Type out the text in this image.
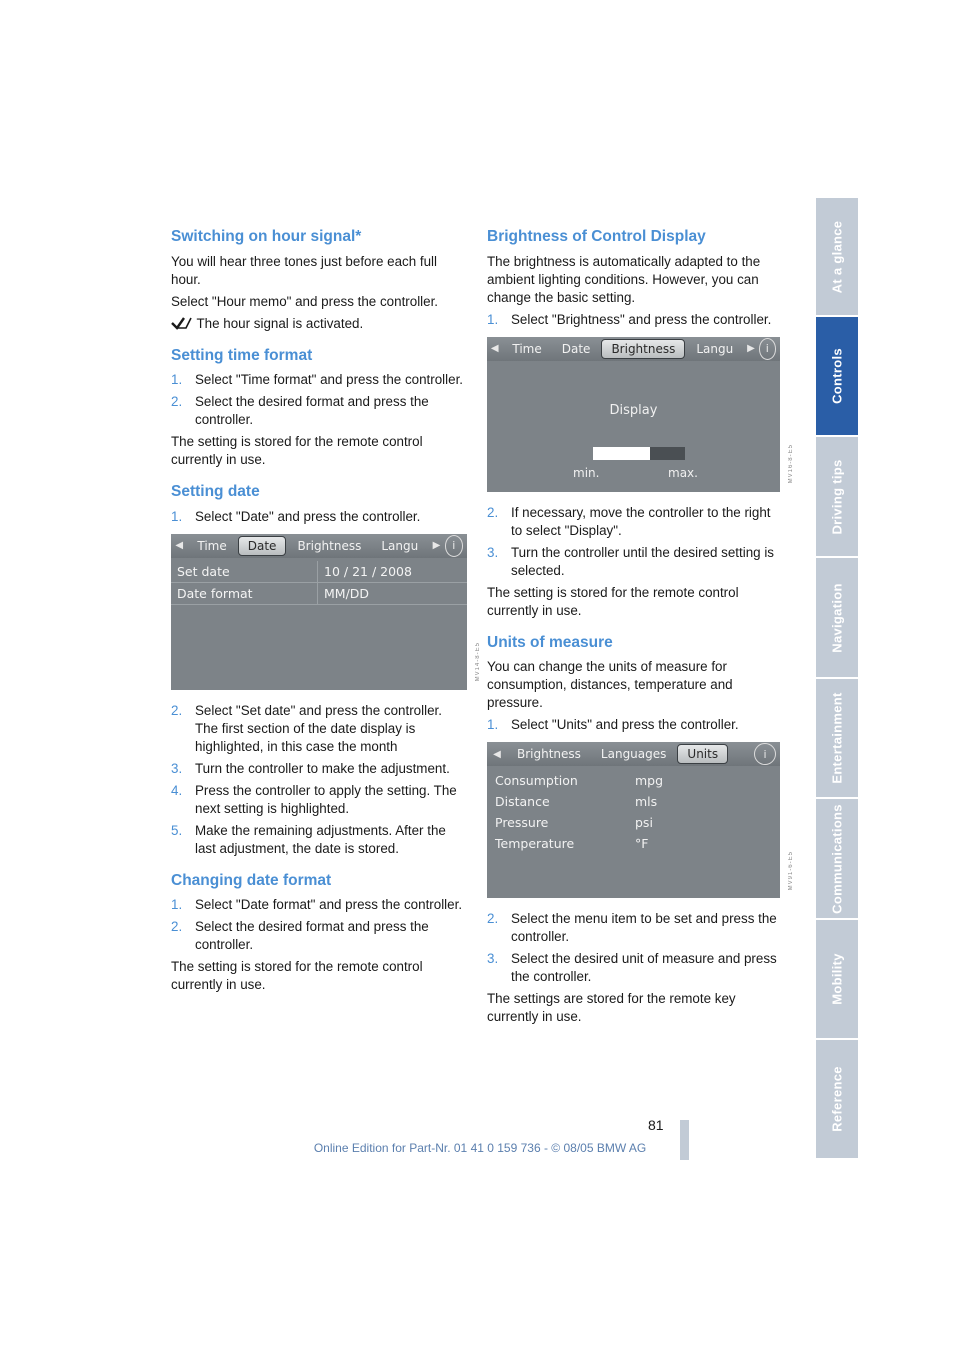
Switching on hour signal*

You will hear three tones just before each full hour.

Select "Hour memo" and press the controller.

The hour signal is activated.

Setting time format
1. Select "Time format" and press the controller.
2. Select the desired format and press the controller.

The setting is stored for the remote control currently in use.

Setting date
1. Select "Date" and press the controller.
◀	Time	Date	Brightness	Langu	▶	i
Set date	10 / 21 / 2008
Date format	MM/DD
MV14-8-E5
2. Select "Set date" and press the controller. The first section of the date display is highlighted, in this case the month
3. Turn the controller to make the adjustment.
4. Press the controller to apply the setting. The next setting is highlighted.
5. Make the remaining adjustments. After the last adjustment, the date is stored.
Changing date format
1. Select "Date format" and press the controller.
2. Select the desired format and press the controller.

The setting is stored for the remote control currently in use.

Brightness of Control Display

The brightness is automatically adapted to the ambient lighting conditions. However, you can change the basic setting.

1. Select "Brightness" and press the controller.
◀	Time	Date	Brightness	Langu	▶	i
Display
min.	max.	MV16-8-E5
2. If necessary, move the controller to the right to select "Display".
3. Turn the controller until the desired setting is selected.

The setting is stored for the remote control currently in use.

Units of measure

You can change the units of measure for consumption, distances, temperature and pressure.

1. Select "Units" and press the controller.
◀	Brightness	Languages	Units	i
Consumption	mpg
Distance	mls
Pressure	psi
Temperature	°F
MV91-6-E5
2. Select the menu item to be set and press the controller.
3. Select the desired unit of measure and press the controller.

The settings are stored for the remote key currently in use.

At a glance
Controls
Driving tips
Navigation
Entertainment
Communications
Mobility
Reference
81
Online Edition for Part-Nr. 01 41 0 159 736 - © 08/05 BMW AG
